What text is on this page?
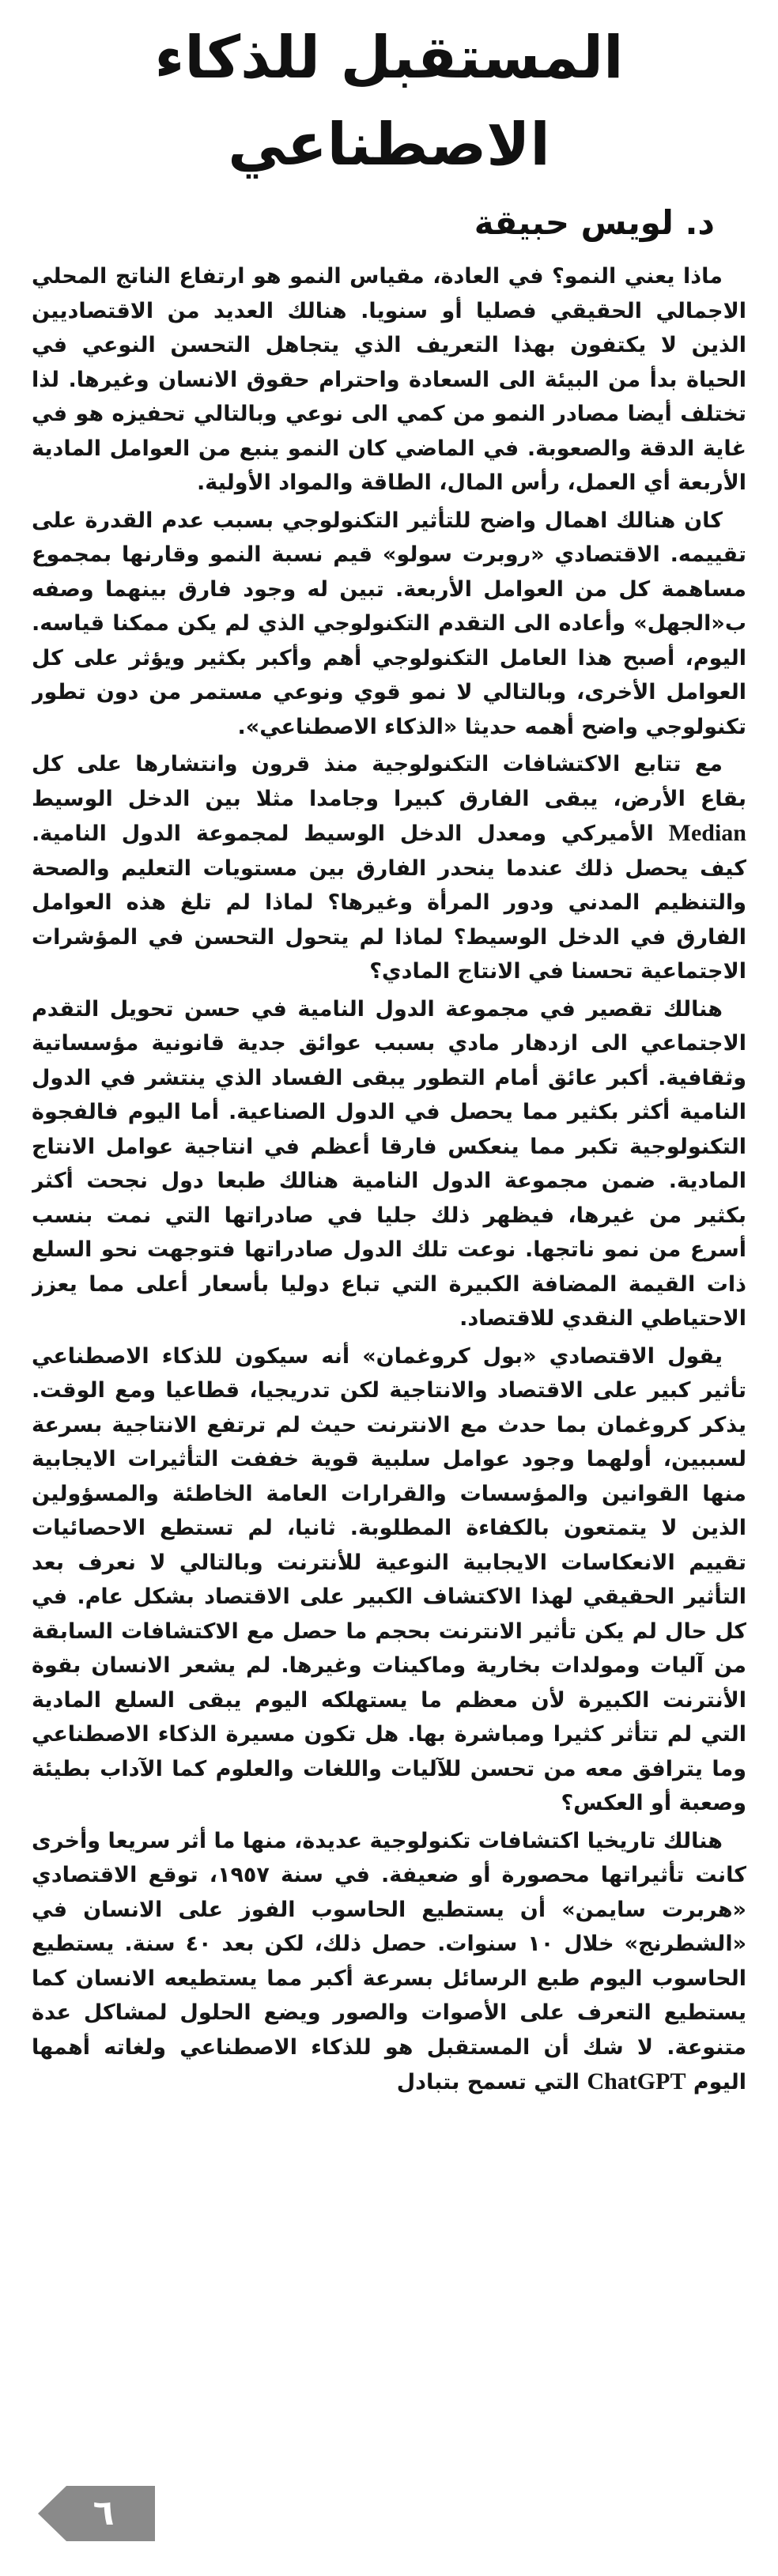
المستقبل للذكاء الاصطناعي
د. لويس حبيقة

ماذا يعني النمو؟ في العادة، مقياس النمو هو ارتفاع الناتج المحلي الاجمالي الحقيقي فصليا أو سنويا. هنالك العديد من الاقتصاديين الذين لا يكتفون بهذا التعريف الذي يتجاهل التحسن النوعي في الحياة بدأ من البيئة الى السعادة واحترام حقوق الانسان وغيرها. لذا تختلف أيضا مصادر النمو من كمي الى نوعي وبالتالي تحفيزه هو في غاية الدقة والصعوبة. في الماضي كان النمو ينبع من العوامل المادية الأربعة أي العمل، رأس المال، الطاقة والمواد الأولية.

كان هنالك اهمال واضح للتأثير التكنولوجي بسبب عدم القدرة على تقييمه. الاقتصادي «روبرت سولو» قيم نسبة النمو وقارنها بمجموع مساهمة كل من العوامل الأربعة. تبين له وجود فارق بينهما وصفه ب«الجهل» وأعاده الى التقدم التكنولوجي الذي لم يكن ممكنا قياسه. اليوم، أصبح هذا العامل التكنولوجي أهم وأكبر بكثير ويؤثر على كل العوامل الأخرى، وبالتالي لا نمو قوي ونوعي مستمر من دون تطور تكنولوجي واضح أهمه حديثا «الذكاء الاصطناعي».

مع تتابع الاكتشافات التكنولوجية منذ قرون وانتشارها على كل بقاع الأرض، يبقى الفارق كبيرا وجامدا مثلا بين الدخل الوسيط Median الأميركي ومعدل الدخل الوسيط لمجموعة الدول النامية. كيف يحصل ذلك عندما ينحدر الفارق بين مستويات التعليم والصحة والتنظيم المدني ودور المرأة وغيرها؟ لماذا لم تلغ هذه العوامل الفارق في الدخل الوسيط؟ لماذا لم يتحول التحسن في المؤشرات الاجتماعية تحسنا في الانتاج المادي؟

هنالك تقصير في مجموعة الدول النامية في حسن تحويل التقدم الاجتماعي الى ازدهار مادي بسبب عوائق جدية قانونية مؤسساتية وثقافية. أكبر عائق أمام التطور يبقى الفساد الذي ينتشر في الدول النامية أكثر بكثير مما يحصل في الدول الصناعية. أما اليوم فالفجوة التكنولوجية تكبر مما ينعكس فارقا أعظم في انتاجية عوامل الانتاج المادية. ضمن مجموعة الدول النامية هنالك طبعا دول نجحت أكثر بكثير من غيرها، فيظهر ذلك جليا في صادراتها التي نمت بنسب أسرع من نمو ناتجها. نوعت تلك الدول صادراتها فتوجهت نحو السلع ذات القيمة المضافة الكبيرة التي تباع دوليا بأسعار أعلى مما يعزز الاحتياطي النقدي للاقتصاد.

يقول الاقتصادي «بول كروغمان» أنه سيكون للذكاء الاصطناعي تأثير كبير على الاقتصاد والانتاجية لكن تدريجيا، قطاعيا ومع الوقت. يذكر كروغمان بما حدث مع الانترنت حيث لم ترتفع الانتاجية بسرعة لسببين، أولهما وجود عوامل سلبية قوية خففت التأثيرات الايجابية منها القوانين والمؤسسات والقرارات العامة الخاطئة والمسؤولين الذين لا يتمتعون بالكفاءة المطلوبة. ثانيا، لم تستطع الاحصائيات تقييم الانعكاسات الايجابية النوعية للأنترنت وبالتالي لا نعرف بعد التأثير الحقيقي لهذا الاكتشاف الكبير على الاقتصاد بشكل عام. في كل حال لم يكن تأثير الانترنت بحجم ما حصل مع الاكتشافات السابقة من آليات ومولدات بخارية وماكينات وغيرها. لم يشعر الانسان بقوة الأنترنت الكبيرة لأن معظم ما يستهلكه اليوم يبقى السلع المادية التي لم تتأثر كثيرا ومباشرة بها. هل تكون مسيرة الذكاء الاصطناعي وما يترافق معه من تحسن للآليات واللغات والعلوم كما الآداب بطيئة وصعبة أو العكس؟

هنالك تاريخيا اكتشافات تكنولوجية عديدة، منها ما أثر سريعا وأخرى كانت تأثيراتها محصورة أو ضعيفة. في سنة ١٩٥٧، توقع الاقتصادي «هربرت سايمن» أن يستطيع الحاسوب الفوز على الانسان في «الشطرنج» خلال ١٠ سنوات. حصل ذلك، لكن بعد ٤٠ سنة. يستطيع الحاسوب اليوم طبع الرسائل بسرعة أكبر مما يستطيعه الانسان كما يستطيع التعرف على الأصوات والصور ويضع الحلول لمشاكل عدة متنوعة. لا شك أن المستقبل هو للذكاء الاصطناعي ولغاته أهمها اليوم ChatGPT التي تسمح بتبادل

٦
